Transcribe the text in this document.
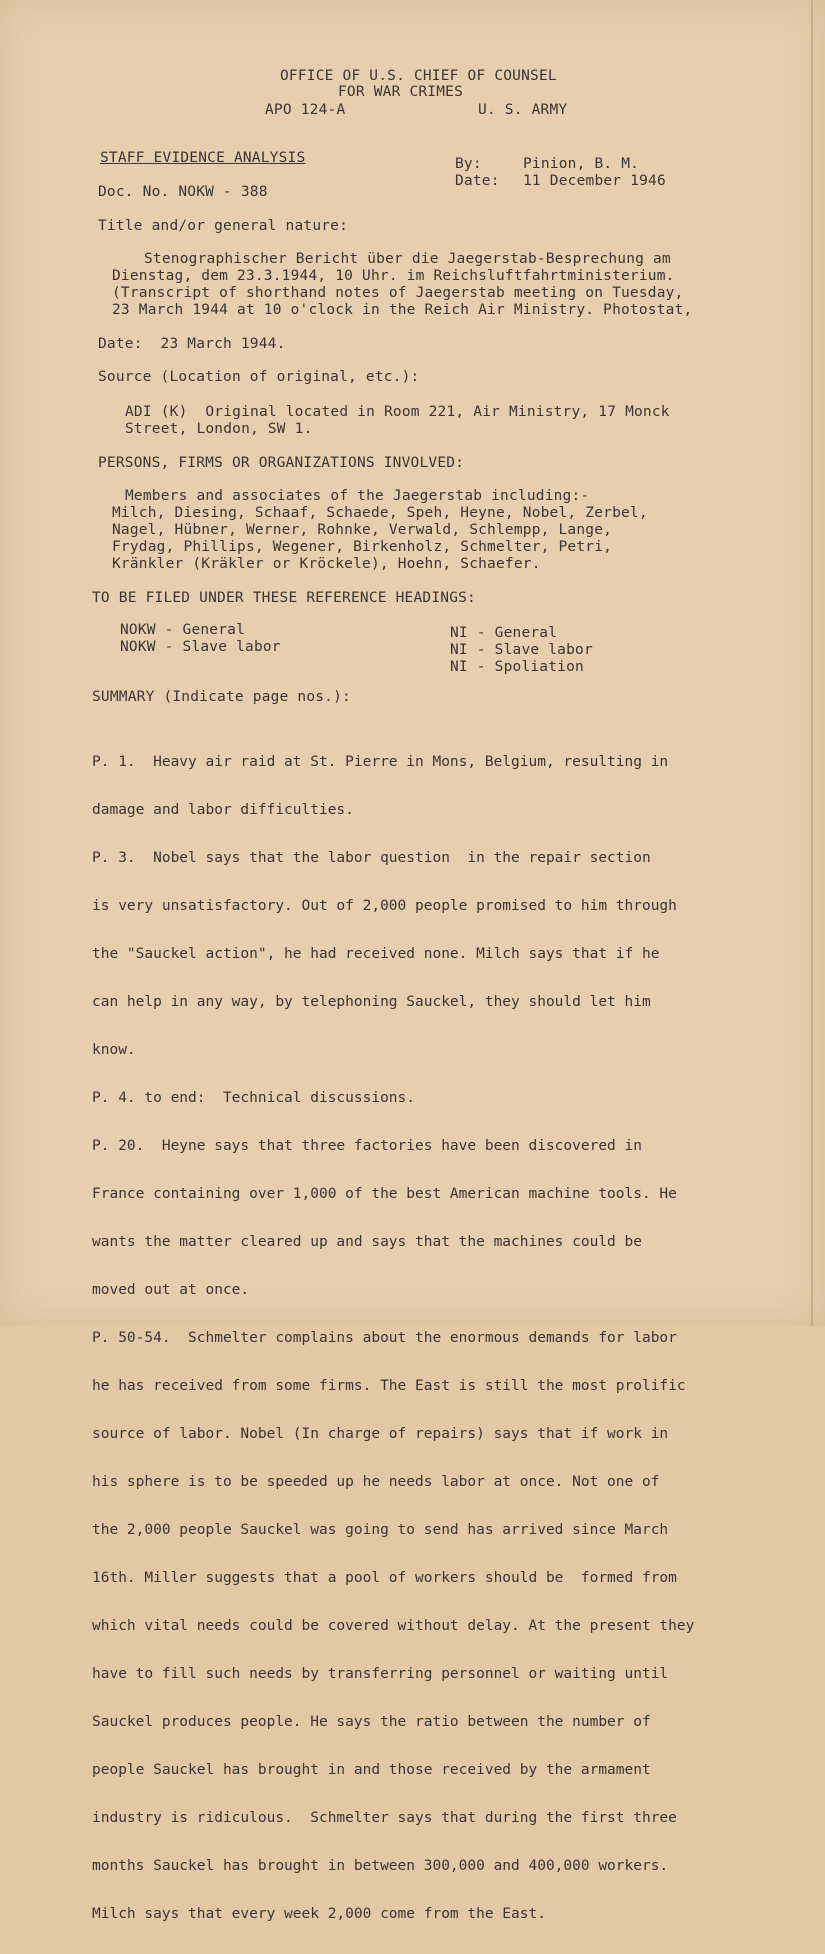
OFFICE OF U.S. CHIEF OF COUNSEL
FOR WAR CRIMES
APO 124-A	U. S. ARMY
STAFF EVIDENCE ANALYSIS	By:	Pinion, B. M.
Date: 11 December 1946
Doc. No. NOKW - 388
Title and/or general nature:
Stenographischer Bericht über die Jaegerstab-Besprechung am
Dienstag, dem 23.3.1944, 10 Uhr. im Reichsluftfahrtministerium.
(Transcript of shorthand notes of Jaegerstab meeting on Tuesday,
23 March 1944 at 10 o'clock in the Reich Air Ministry. Photostat,
Date:  23 March 1944.
Source (Location of original, etc.):
ADI (K)  Original located in Room 221, Air Ministry, 17 Monck
Street, London, SW 1.
PERSONS, FIRMS OR ORGANIZATIONS INVOLVED:
Members and associates of the Jaegerstab including:-
Milch, Diesing, Schaaf, Schaede, Speh, Heyne, Nobel, Zerbel,
Nagel, Hübner, Werner, Rohnke, Verwald, Schlempp, Lange,
Frydag, Phillips, Wegener, Birkenholz, Schmelter, Petri,
Kränkler (Kräkler or Kröckele), Hoehn, Schaefer.
TO BE FILED UNDER THESE REFERENCE HEADINGS:
NOKW - General
NOKW - Slave labor
NI - General
NI - Slave labor
NI - Spoliation
SUMMARY (Indicate page nos.):

P. 1.  Heavy air raid at St. Pierre in Mons, Belgium, resulting in

damage and labor difficulties.

P. 3.  Nobel says that the labor question  in the repair section

is very unsatisfactory. Out of 2,000 people promised to him through

the "Sauckel action", he had received none. Milch says that if he

can help in any way, by telephoning Sauckel, they should let him

know.

P. 4. to end:  Technical discussions.

P. 20.  Heyne says that three factories have been discovered in

France containing over 1,000 of the best American machine tools. He

wants the matter cleared up and says that the machines could be

moved out at once.

P. 50-54.  Schmelter complains about the enormous demands for labor

he has received from some firms. The East is still the most prolific

source of labor. Nobel (In charge of repairs) says that if work in

his sphere is to be speeded up he needs labor at once. Not one of

the 2,000 people Sauckel was going to send has arrived since March

16th. Miller suggests that a pool of workers should be  formed from

which vital needs could be covered without delay. At the present they

have to fill such needs by transferring personnel or waiting until

Sauckel produces people. He says the ratio between the number of

people Sauckel has brought in and those received by the armament

industry is ridiculous.  Schmelter says that during the first three

months Sauckel has brought in between 300,000 and 400,000 workers.

Milch says that every week 2,000 come from the East.
